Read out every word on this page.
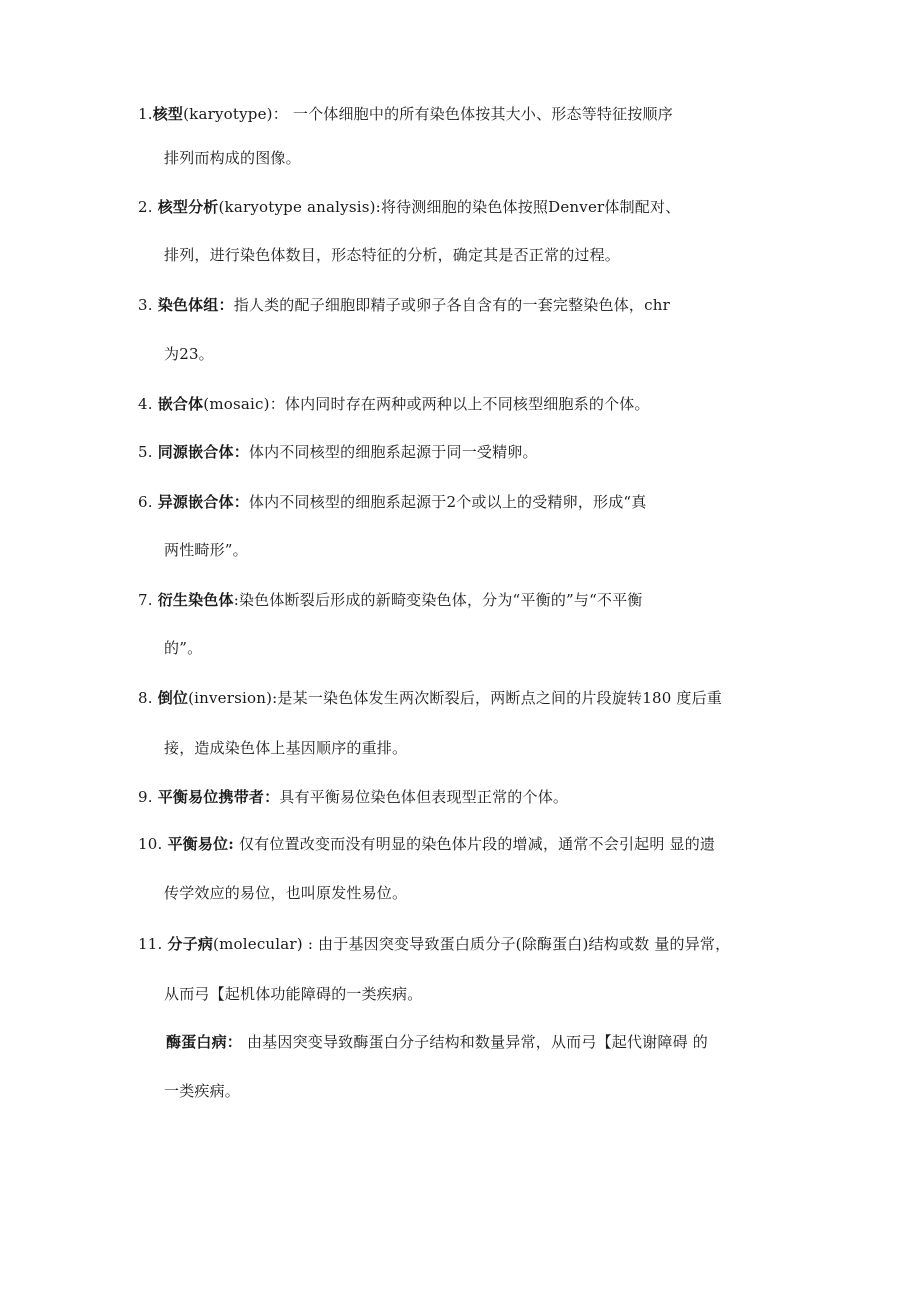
1.核型(karyotype)： 一个体细胞中的所有染色体按其大小、形态等特征按顺序
排列而构成的图像。
2. 核型分析(karyotype analysis):将待测细胞的染色体按照Denver体制配对、
排列，进行染色体数目，形态特征的分析，确定其是否正常的过程。
3. 染色体组：指人类的配子细胞即精子或卵子各自含有的一套完整染色体，chr
为23。
4. 嵌合体(mosaic)：体内同时存在两种或两种以上不同核型细胞系的个体。
5. 同源嵌合体：体内不同核型的细胞系起源于同一受精卵。
6. 异源嵌合体：体内不同核型的细胞系起源于2个或以上的受精卵，形成“真
两性畸形”。
7. 衍生染色体:染色体断裂后形成的新畸变染色体，分为“平衡的”与“不平衡
的”。
8. 倒位(inversion):是某一染色体发生两次断裂后，两断点之间的片段旋转180 度后重
接，造成染色体上基因顺序的重排。
9. 平衡易位携带者：具有平衡易位染色体但表现型正常的个体。
10. 平衡易位: 仅有位置改变而没有明显的染色体片段的增减，通常不会引起明 显的遗
传学效应的易位，也叫原发性易位。
11. 分子病(molecular) : 由于基因突变导致蛋白质分子(除酶蛋白)结构或数 量的异常，
从而弓【起机体功能障碍的一类疾病。
酶蛋白病： 由基因突变导致酶蛋白分子结构和数量异常，从而弓【起代谢障碍 的
一类疾病。
